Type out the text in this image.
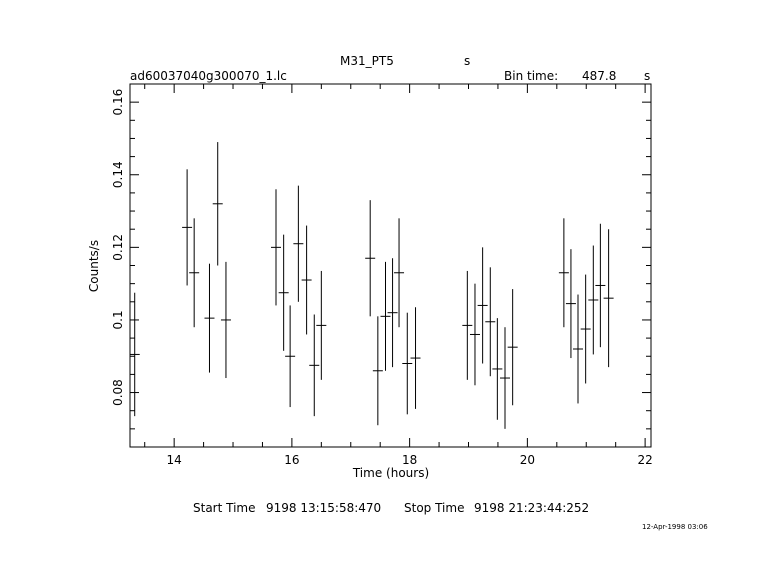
M31_PT5	s
ad60037040g300070_1.lc	Bin time: 487.8 s
14	16	18	20	22
0.08
0.1
0.12
0.14
0.16
Time (hours)
Counts/s
Start Time 9198 13:15:58:470 Stop Time 9198 21:23:44:252
12-Apr-1998 03:06
